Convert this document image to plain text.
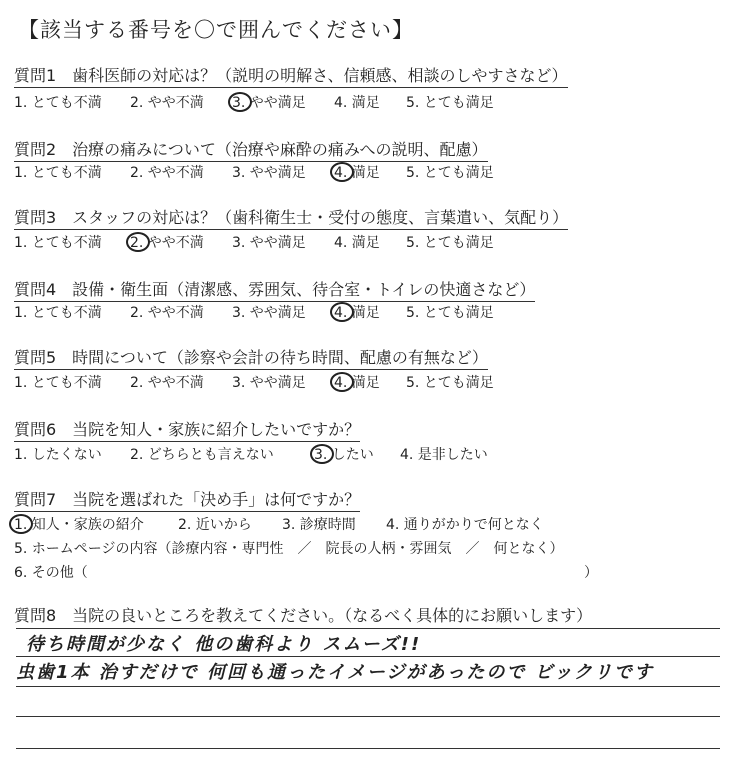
【該当する番号を〇で囲んでください】
質問1　歯科医師の対応は？（説明の明解さ、信頼感、相談のしやすさなど）
1. とても不満 2. やや不満 3. やや満足 4. 満足 5. とても満足
質問2　治療の痛みについて（治療や麻酔の痛みへの説明、配慮）
1. とても不満 2. やや不満 3. やや満足 4. 満足 5. とても満足
質問3　スタッフの対応は？（歯科衛生士・受付の態度、言葉遣い、気配り）
1. とても不満 2. やや不満 3. やや満足 4. 満足 5. とても満足
質問4　設備・衛生面（清潔感、雰囲気、待合室・トイレの快適さなど）
1. とても不満 2. やや不満 3. やや満足 4. 満足 5. とても満足
質問5　時間について（診察や会計の待ち時間、配慮の有無など）
1. とても不満 2. やや不満 3. やや満足 4. 満足 5. とても満足
質問6　当院を知人・家族に紹介したいですか？
1. したくない 2. どちらとも言えない	3. したい 4. 是非したい
質問7　当院を選ばれた「決め手」は何ですか？
1. 知人・家族の紹介 2. 近いから 3. 診療時間 4. 通りがかりで何となく
5. ホームページの内容（診療内容・専門性　／　院長の人柄・雰囲気　／　何となく）
6. その他（	）
質問8　当院の良いところを教えてください。（なるべく具体的にお願いします）
待ち時間が少なく 他の歯科より スムーズ!!
虫歯1本 治すだけで 何回も通ったイメージがあったので ビックリです
